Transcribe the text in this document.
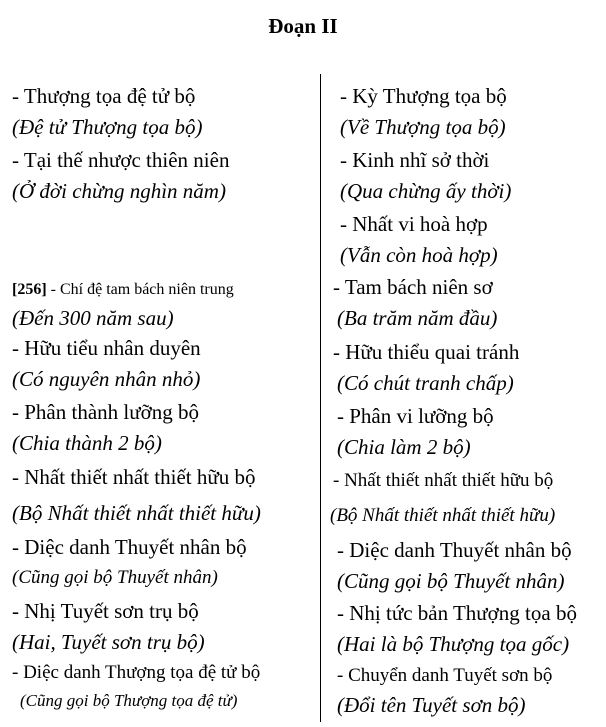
Đoạn II
- Thượng tọa đệ tử bộ
(Đệ tử Thượng tọa bộ)
- Tại thế nhược thiên niên
(Ở đời chừng nghìn năm)
[256] - Chí đệ tam bách niên trung
(Đến 300 năm sau)
- Hữu tiểu nhân duyên
(Có nguyên nhân nhỏ)
- Phân thành lưỡng bộ
(Chia thành 2 bộ)
- Nhất thiết nhất thiết hữu bộ
(Bộ Nhất thiết nhất thiết hữu)
- Diệc danh Thuyết nhân bộ
(Cũng gọi bộ Thuyết nhân)
- Nhị Tuyết sơn trụ bộ
(Hai, Tuyết sơn trụ bộ)
- Diệc danh Thượng tọa đệ tử bộ
(Cũng gọi bộ Thượng tọa đệ tử)
- Kỳ Thượng tọa bộ
(Về Thượng tọa bộ)
- Kinh nhĩ sở thời
(Qua chừng ấy thời)
- Nhất vi hoà hợp
(Vẫn còn hoà hợp)
- Tam bách niên sơ
(Ba trăm năm đầu)
- Hữu thiểu quai tránh
(Có chút tranh chấp)
- Phân vi lưỡng bộ
(Chia làm 2 bộ)
- Nhất thiết nhất thiết hữu bộ
(Bộ Nhất thiết nhất thiết hữu)
- Diệc danh Thuyết nhân bộ
(Cũng gọi bộ Thuyết nhân)
- Nhị tức bản Thượng tọa bộ
(Hai là bộ Thượng tọa gốc)
- Chuyển danh Tuyết sơn bộ
(Đổi tên Tuyết sơn bộ)
